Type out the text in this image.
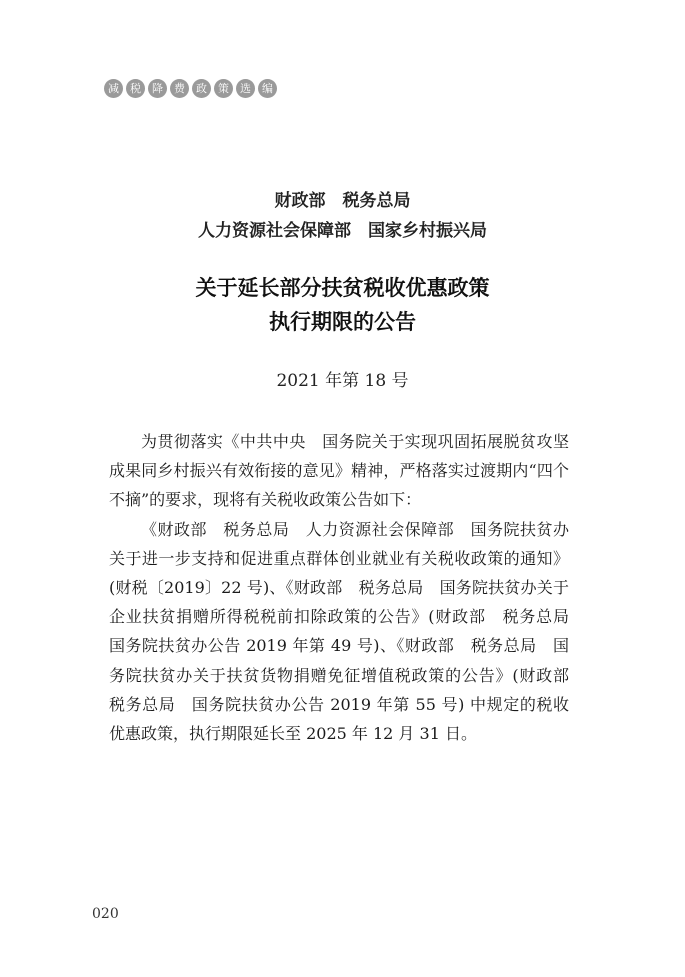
减	税	降	费	政	策	选	编
财政部　税务总局
人力资源社会保障部　国家乡村振兴局
关于延长部分扶贫税收优惠政策
执行期限的公告
2021 年第 18 号

为贯彻落实《中共中央　国务院关于实现巩固拓展脱贫攻坚成果同乡村振兴有效衔接的意见》精神，严格落实过渡期内“四个不摘”的要求，现将有关税收政策公告如下：

《财政部　税务总局　人力资源社会保障部　国务院扶贫办关于进一步支持和促进重点群体创业就业有关税收政策的通知》(财税〔2019〕22 号)、《财政部　税务总局　国务院扶贫办关于企业扶贫捐赠所得税税前扣除政策的公告》(财政部　税务总局　国务院扶贫办公告 2019 年第 49 号)、《财政部　税务总局　国务院扶贫办关于扶贫货物捐赠免征增值税政策的公告》(财政部　税务总局　国务院扶贫办公告 2019 年第 55 号) 中规定的税收优惠政策，执行期限延长至 2025 年 12 月 31 日。

020
